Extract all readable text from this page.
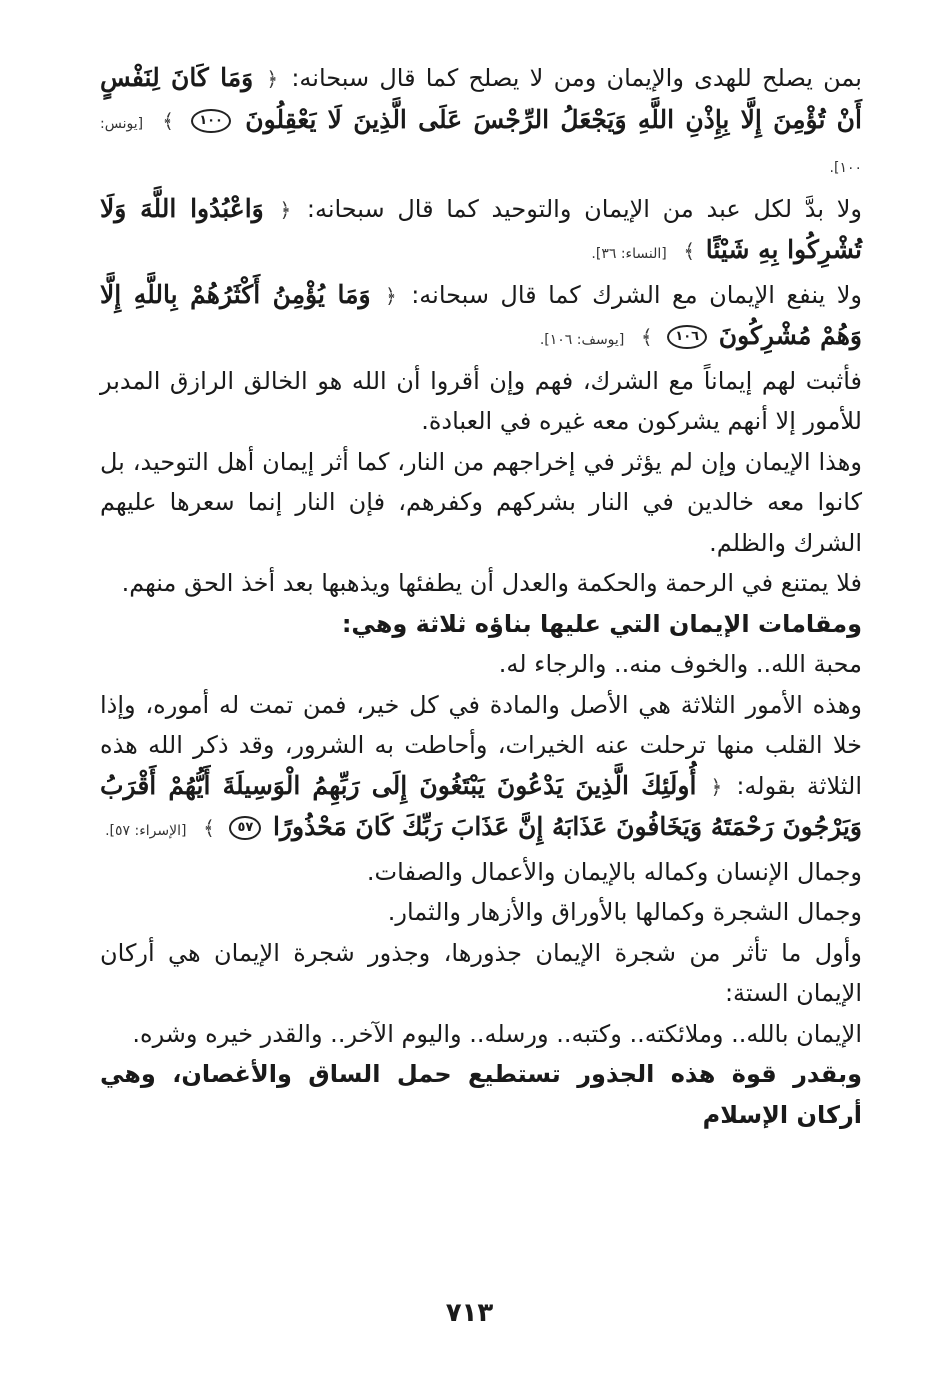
بمن يصلح للهدى والإيمان ومن لا يصلح كما قال سبحانه: ﴿ وَمَا كَانَ لِنَفْسٍ أَنْ تُؤْمِنَ إِلَّا بِإِذْنِ اللَّهِ وَيَجْعَلُ الرِّجْسَ عَلَى الَّذِينَ لَا يَعْقِلُونَ ١٠٠ ﴾ [يونس: ١٠٠].

ولا بدَّ لكل عبد من الإيمان والتوحيد كما قال سبحانه: ﴿ وَاعْبُدُوا اللَّهَ وَلَا تُشْرِكُوا بِهِ شَيْئًا ﴾ [النساء: ٣٦].

ولا ينفع الإيمان مع الشرك كما قال سبحانه: ﴿ وَمَا يُؤْمِنُ أَكْثَرُهُمْ بِاللَّهِ إِلَّا وَهُمْ مُشْرِكُونَ ١٠٦ ﴾ [يوسف: ١٠٦].

فأثبت لهم إيماناً مع الشرك، فهم وإن أقروا أن الله هو الخالق الرازق المدبر للأمور إلا أنهم يشركون معه غيره في العبادة.

وهذا الإيمان وإن لم يؤثر في إخراجهم من النار، كما أثر إيمان أهل التوحيد، بل كانوا معه خالدين في النار بشركهم وكفرهم، فإن النار إنما سعرها عليهم الشرك والظلم.

فلا يمتنع في الرحمة والحكمة والعدل أن يطفئها ويذهبها بعد أخذ الحق منهم.

ومقامات الإيمان التي عليها بناؤه ثلاثة وهي:

محبة الله.. والخوف منه.. والرجاء له.

وهذه الأمور الثلاثة هي الأصل والمادة في كل خير، فمن تمت له أموره، وإذا خلا القلب منها ترحلت عنه الخيرات، وأحاطت به الشرور، وقد ذكر الله هذه الثلاثة بقوله: ﴿ أُولَئِكَ الَّذِينَ يَدْعُونَ يَبْتَغُونَ إِلَى رَبِّهِمُ الْوَسِيلَةَ أَيُّهُمْ أَقْرَبُ وَيَرْجُونَ رَحْمَتَهُ وَيَخَافُونَ عَذَابَهُ إِنَّ عَذَابَ رَبِّكَ كَانَ مَحْذُورًا ٥٧ ﴾ [الإسراء: ٥٧].

وجمال الإنسان وكماله بالإيمان والأعمال والصفات.

وجمال الشجرة وكمالها بالأوراق والأزهار والثمار.

وأول ما تأثر من شجرة الإيمان جذورها، وجذور شجرة الإيمان هي أركان الإيمان الستة:

الإيمان بالله.. وملائكته.. وكتبه.. ورسله.. واليوم الآخر.. والقدر خيره وشره.

وبقدر قوة هذه الجذور تستطيع حمل الساق والأغصان، وهي أركان الإسلام

٧١٣
